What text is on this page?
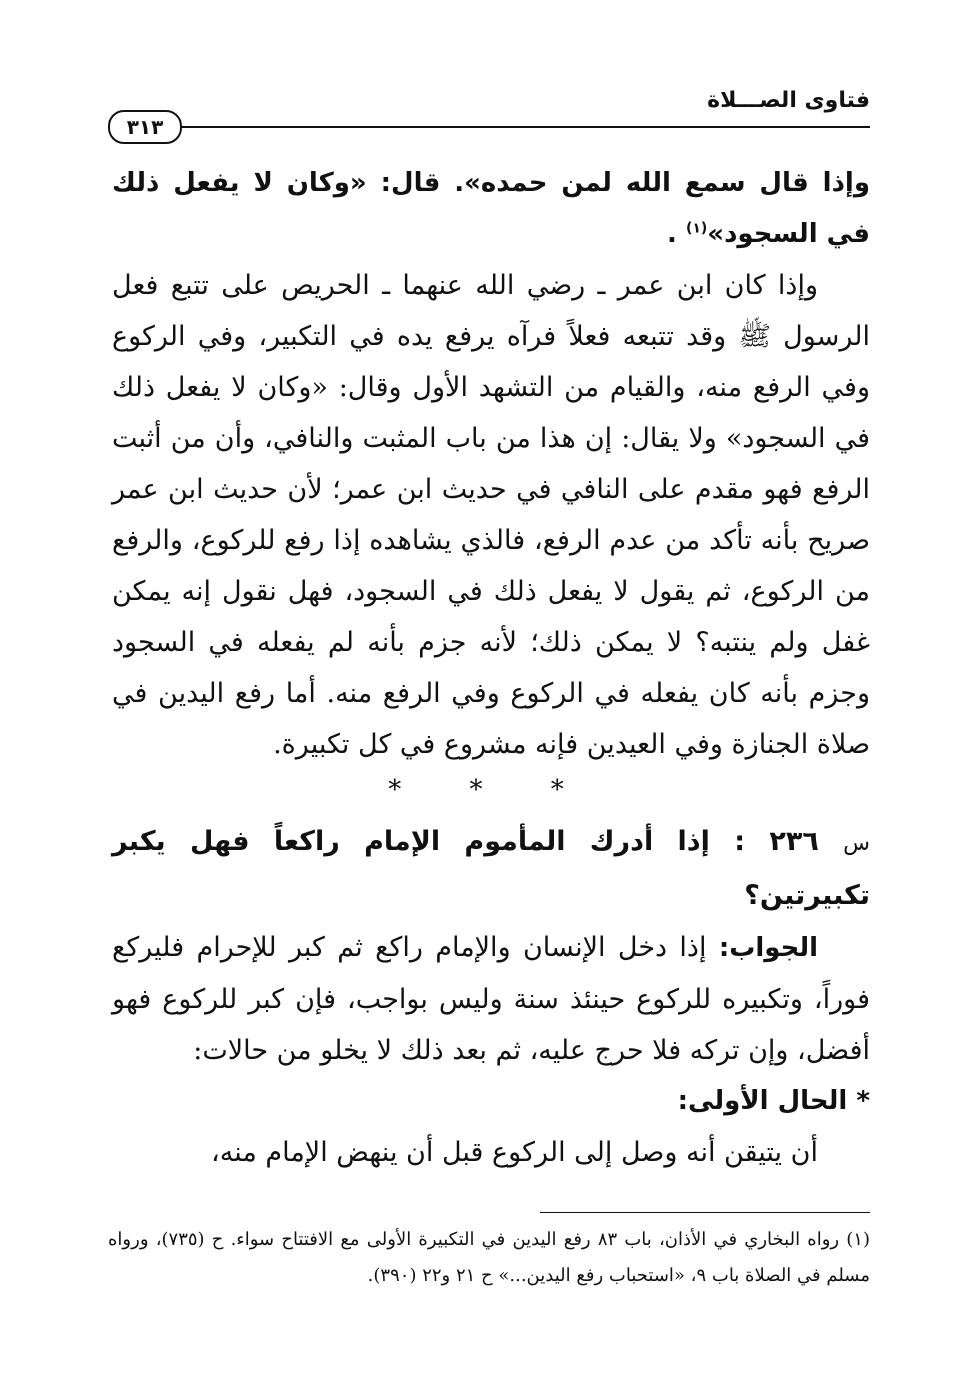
فتاوى الصـــلاة
٣١٣

وإذا قال سمع الله لمن حمده». قال: «وكان لا يفعل ذلك في السجود»$^{(١)}$ .

وإذا كان ابن عمر ـ رضي الله عنهما ـ الحريص على تتبع فعل الرسول ﷺ وقد تتبعه فعلاً فرآه يرفع يده في التكبير، وفي الركوع وفي الرفع منه، والقيام من التشهد الأول وقال: «وكان لا يفعل ذلك في السجود» ولا يقال: إن هذا من باب المثبت والنافي، وأن من أثبت الرفع فهو مقدم على النافي في حديث ابن عمر؛ لأن حديث ابن عمر صريح بأنه تأكد من عدم الرفع، فالذي يشاهده إذا رفع للركوع، والرفع من الركوع، ثم يقول لا يفعل ذلك في السجود، فهل نقول إنه يمكن غفل ولم ينتبه؟ لا يمكن ذلك؛ لأنه جزم بأنه لم يفعله في السجود وجزم بأنه كان يفعله في الركوع وفي الرفع منه. أما رفع اليدين في صلاة الجنازة وفي العيدين فإنه مشروع في كل تكبيرة.

* * *

س ٢٣٦ : إذا أدرك المأموم الإمام راكعاً فهل يكبر تكبيرتين؟

الجواب: إذا دخل الإنسان والإمام راكع ثم كبر للإحرام فليركع فوراً، وتكبيره للركوع حينئذ سنة وليس بواجب، فإن كبر للركوع فهو أفضل، وإن تركه فلا حرج عليه، ثم بعد ذلك لا يخلو من حالات:

* الحال الأولى:

أن يتيقن أنه وصل إلى الركوع قبل أن ينهض الإمام منه،

(١) رواه البخاري في الأذان، باب ٨٣ رفع اليدين في التكبيرة الأولى مع الافتتاح سواء. ح (٧٣٥)، ورواه مسلم في الصلاة باب ٩، «استحباب رفع اليدين...» ح ٢١ و٢٢ (٣٩٠).
